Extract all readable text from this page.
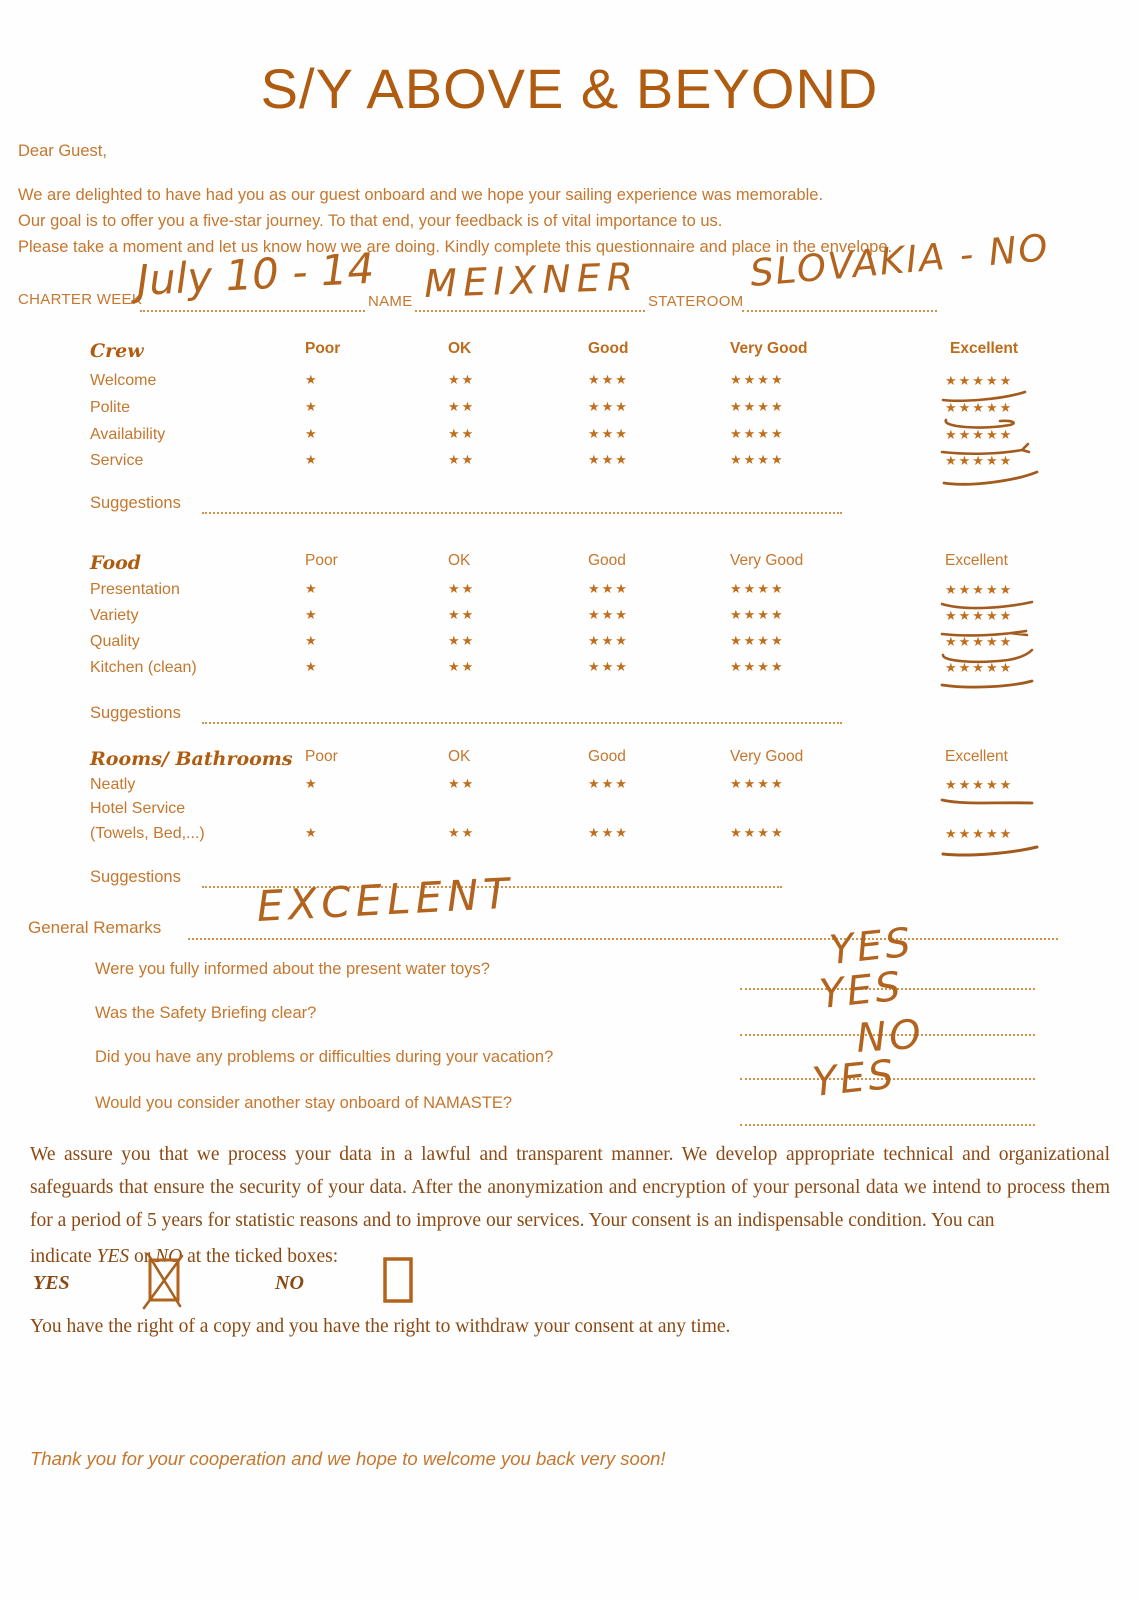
S/Y ABOVE & BEYOND
Dear Guest,
We are delighted to have had you as our guest onboard and we hope your sailing experience was memorable.
Our goal is to offer you a five-star journey. To that end, your feedback is of vital importance to us.
Please take a moment and let us know how we are doing. Kindly complete this questionnaire and place in the envelope.
CHARTER WEEK
July 10 - 14
NAME MEIXNER STATEROOM
SLOVAKIA - NO
Crew	Poor	OK	Good	Very Good	Excellent
Welcome	★	★★	★★★	★★★★	★★★★★
Polite	★	★★	★★★	★★★★	★★★★★
Availability	★	★★	★★★	★★★★	★★★★★
Service	★	★★	★★★	★★★★	★★★★★
Suggestions
Food	Poor	OK	Good	Very Good	Excellent
Presentation	★	★★	★★★	★★★★	★★★★★
Variety	★	★★	★★★	★★★★	★★★★★
Quality	★	★★	★★★	★★★★	★★★★★
Kitchen (clean)	★	★★	★★★	★★★★	★★★★★
Suggestions
Rooms/ Bathrooms Poor	OK	Good	Very Good	Excellent
Neatly	★	★★	★★★	★★★★	★★★★★
Hotel Service
(Towels, Bed,...)	★	★★	★★★	★★★★	★★★★★
Suggestions
General Remarks EXCELENT
Were you fully informed about the present water toys?	YES
Was the Safety Briefing clear?	YES
Did you have any problems or difficulties during your vacation?	NO
Would you consider another stay onboard of NAMASTE?	YES
We assure you that we process your data in a lawful and transparent manner. We develop appropriate technical and organizational safeguards that ensure the security of your data. After the anonymization and encryption of your personal data we intend to process them for a period of 5 years for statistic reasons and to improve our services. Your consent is an indispensable condition. You can
indicate YES or NO at the ticked boxes:
YES	NO
You have the right of a copy and you have the right to withdraw your consent at any time.
Thank you for your cooperation and we hope to welcome you back very soon!
